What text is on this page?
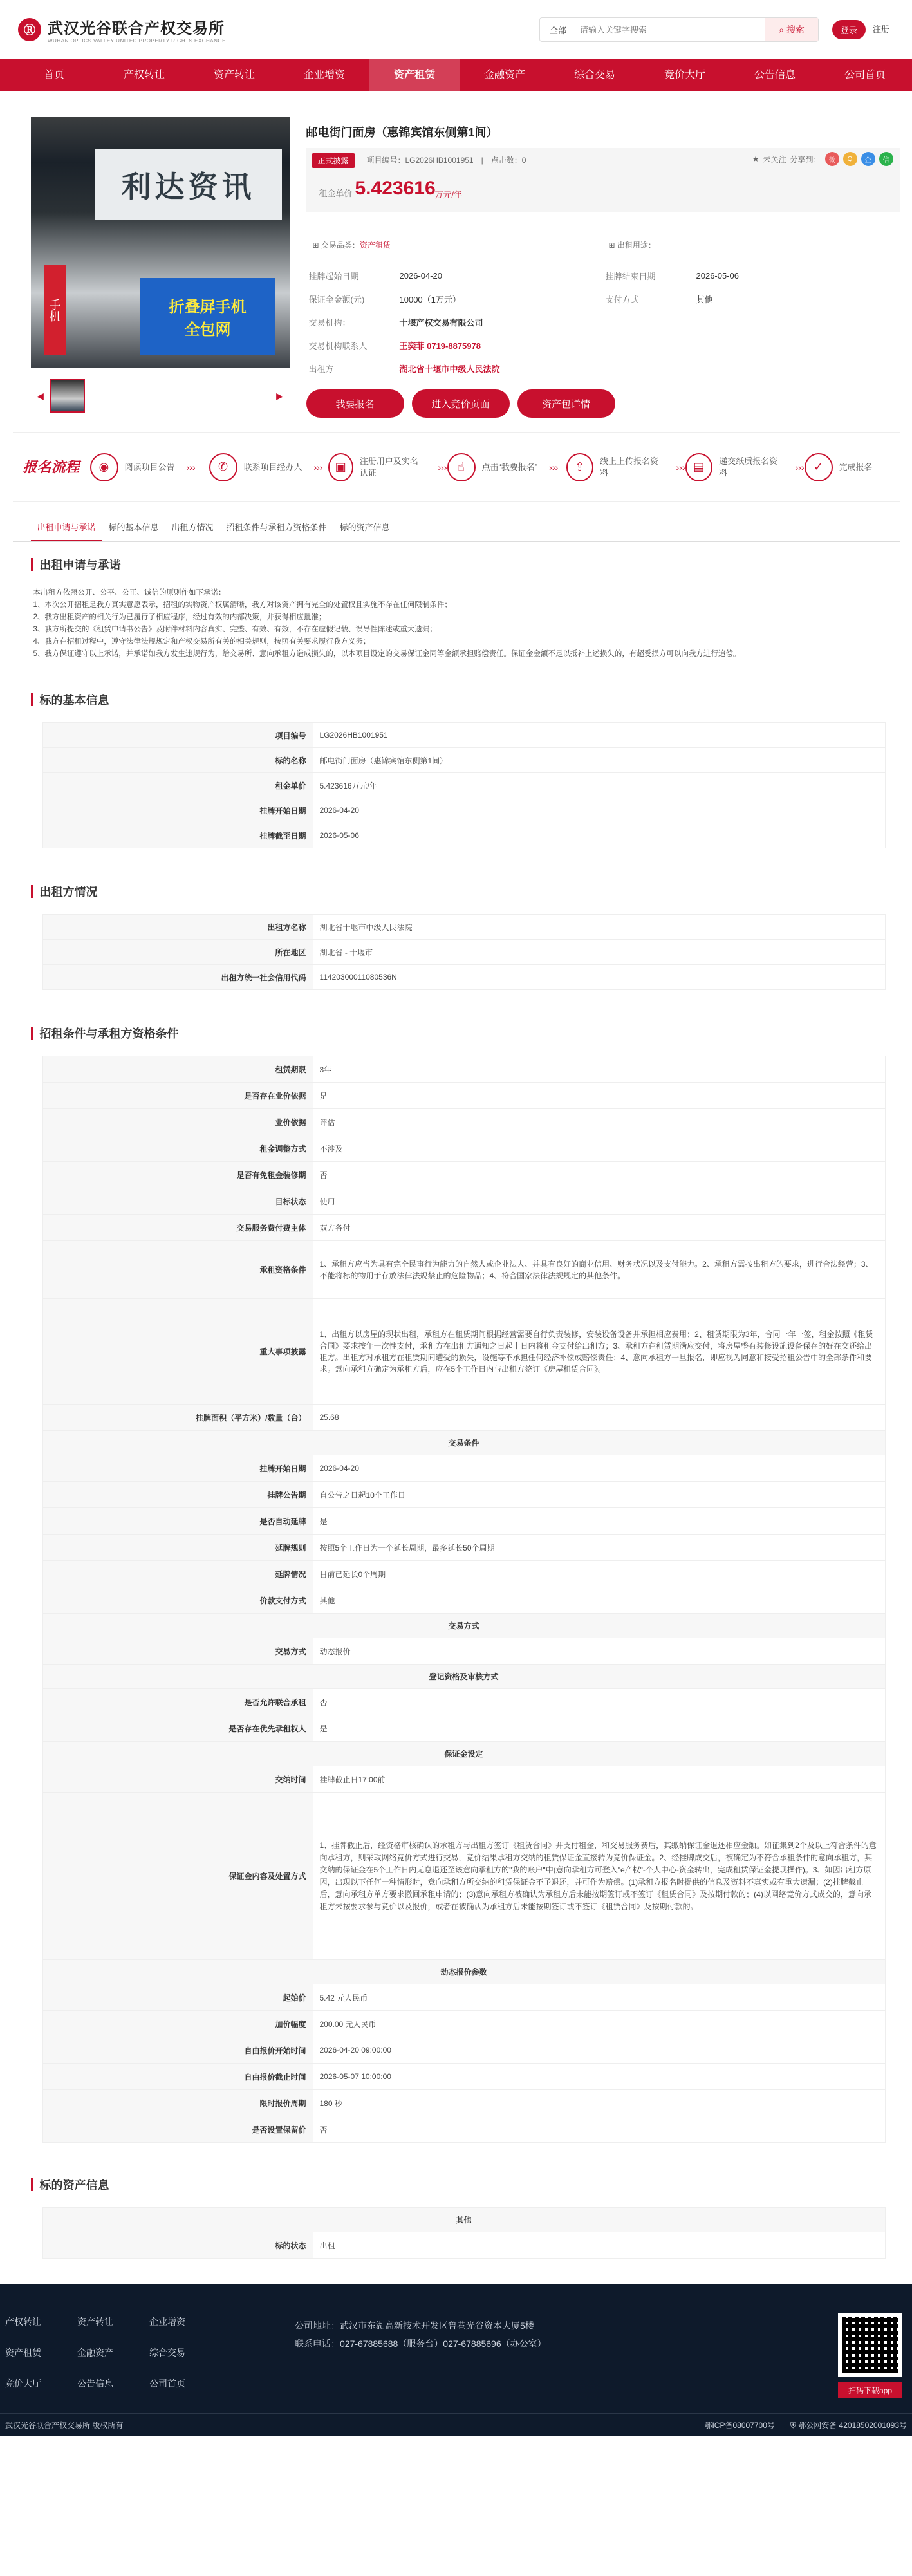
Ⓡ 武汉光谷联合产权交易所
WUHAN OPTICS VALLEY UNITED PROPERTY RIGHTS EXCHANGE
全部
请输入关键字搜索	⌕ 搜索	登录	注册
首页	产权转让	资产转让	企业增资	资产租赁	金融资产	综合交易	竞价大厅	公告信息	公司首页
利达资讯
手机	折叠屏手机
全包网
◀	▶
邮电街门面房（惠锦宾馆东侧第1间）
正式披露	项目编号：LG2026HB1001951　|　点击数：0	★ 未关注 分享到：	微	Q	企	信
租金单价 5.423616
万元/年
⊞ 交易品类：资产租赁	⊞ 出租用途：
挂牌起始日期	2026-04-20	挂牌结束日期	2026-05-06
保证金金额(元)	10000（1万元）	支付方式	其他
交易机构：	十堰产权交易有限公司
交易机构联系人	王奕菲 0719-8875978
出租方	湖北省十堰市中级人民法院
我要报名	进入竞价页面	资产包详情
报名流程	◉	阅读项目公告 ›››	✆	联系项目经办人 ›››	▣	注册用户及实名认证
››› ☝	点击“我要报名” ›››	⇪	线上上传报名资料
››› ▤	递交纸质报名资料
››› ✓	完成报名
出租申请与承诺	标的基本信息	出租方情况	招租条件与承租方资格条件	标的资产信息
出租申请与承诺
本出租方依照公开、公平、公正、诚信的原则作如下承诺：
1、本次公开招租是我方真实意愿表示，招租的实物资产权属清晰，我方对该资产拥有完全的处置权且实施不存在任何限制条件；
2、我方出租资产的相关行为已履行了相应程序，经过有效的内部决策，并获得相应批准；
3、我方所提交的《租赁申请书公告》及附件材料内容真实、完整、有效、有效，不存在虚假记载、误导性陈述或重大遗漏；
4、我方在招租过程中，遵守法律法规规定和产权交易所有关的相关规则，按照有关要求履行我方义务；
5、我方保证遵守以上承诺，并承诺如我方发生违规行为，给交易所、意向承租方造成损失的，以本项目设定的交易保证金同等金额承担赔偿责任。保证金金额不足以抵补上述损失的，有超受损方可以向我方进行追偿。
标的基本信息
项目编号	LG2026HB1001951
标的名称	邮电街门面房（惠锦宾馆东侧第1间）
租金单价	5.423616万元/年
挂牌开始日期	2026-04-20
挂牌截至日期	2026-05-06
出租方情况
出租方名称	湖北省十堰市中级人民法院
所在地区	湖北省 - 十堰市
出租方统一社会信用代码	11420300011080536N
招租条件与承租方资格条件
租赁期限	3年
是否存在业价依据	是
业价依据	评估
租金调整方式	不涉及
是否有免租金装修期	否
目标状态	使用
交易服务费付费主体	双方各付
承租资格条件	1、承租方应当为具有完全民事行为能力的自然人或企业法人、并具有良好的商业信用、财务状况以及支付能力。2、承租方需按出租方的要求，进行合法经营；3、不能将标的物用于存放法律法规禁止的危险物品；4、符合国家法律法规规定的其他条件。
重大事项披露	1、出租方以房屋的现状出租，承租方在租赁期间根据经营需要自行负责装修，安装设备设备并承担相应费用；2、租赁期限为3年，合同一年一签，租金按照《租赁合同》要求按年一次性支付，承租方在出租方通知之日起十日内将租金支付给出租方；3、承租方在租赁期满应交付，将房屋整有装修设施设备保存的好在交还给出租方。出租方对承租方在租赁期间遭受的损失，设施等不承担任何经济补偿或赔偿责任；4、意向承租方一旦报名，即应视为同意和接受招租公告中的全部条件和要求。意向承租方确定为承租方后，应在5个工作日内与出租方签订《房屋租赁合同》。
挂牌面积（平方米）/数量（台）	25.68
交易条件	
挂牌开始日期	2026-04-20
挂牌公告期	自公告之日起10个工作日
是否自动延牌	是
延牌规则	按照5个工作日为一个延长周期，最多延长50个周期
延牌情况	目前已延长0个周期
价款支付方式	其他
交易方式	
交易方式	动态报价
登记资格及审核方式	
是否允许联合承租	否
是否存在优先承租权人	是
保证金设定	
交纳时间	挂牌截止日17:00前
保证金内容及处置方式	1、挂牌截止后，经资格审核确认的承租方与出租方签订《租赁合同》并支付租金，和交易服务费后，其缴纳保证金退还相应金额。如征集到2个及以上符合条件的意向承租方，则采取网络竞价方式进行交易，竞价结果承租方交纳的租赁保证金直接转为竞价保证金。2、经挂牌成交后，被确定为不符合承租条件的意向承租方，其交纳的保证金在5个工作日内无息退还至该意向承租方的"我的账户"中(意向承租方可登入"e产权"-个人中心-资金转出，完成租赁保证金提现操作)。3、如因出租方原因，出现以下任何一种情形时，意向承租方所交纳的租赁保证金不予退还，并可作为赔偿。(1)承租方报名时提供的信息及资料不真实或有重大遗漏；(2)挂牌截止后，意向承租方单方要求撤回承租申请的；(3)意向承租方被确认为承租方后未能按期签订或不签订《租赁合同》及按期付款的；(4)以网络竞价方式成交的，意向承租方未按要求参与竞价以及报价，或者在被确认为承租方后未能按期签订或不签订《租赁合同》及按期付款的。
动态报价参数	
起始价	5.42 元人民币
加价幅度	200.00 元人民币
自由报价开始时间	2026-04-20 09:00:00
自由报价截止时间	2026-05-07 10:00:00
限时报价周期	180 秒
是否设置保留价	否
标的资产信息
其他
标的状态	出租
产权转让	资产转让	企业增资
资产租赁	金融资产	综合交易
竞价大厅	公告信息	公司首页
公司地址：武汉市东湖高新技术开发区鲁巷光谷资本大厦5楼
联系电话：027-67885688（服务台）027-67885696（办公室）
扫码下载app
武汉光谷联合产权交易所 版权所有	鄂ICP备08007700号 ⛨ 鄂公网安备 42018502001093号
